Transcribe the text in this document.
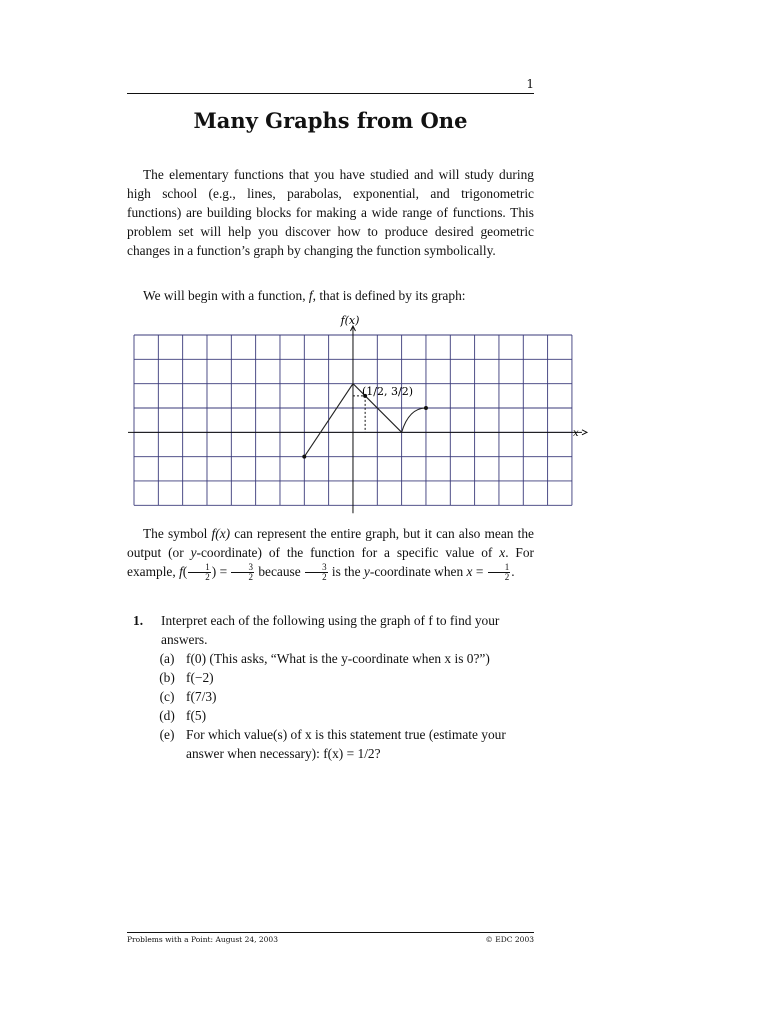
1
Many Graphs from One

The elementary functions that you have studied and will study during high school (e.g., lines, parabolas, exponential, and trigonometric functions) are building blocks for making a wide range of functions. This problem set will help you discover how to produce desired geometric changes in a function’s graph by changing the function symbolically.

We will begin with a function, f, that is defined by its graph:

f(x)
x
(1/2, 3/2)

The symbol f(x) can represent the entire graph, but it can also mean the output (or y-coordinate) of the function for a specific value of x. For example, $f( \frac{1}{2}$ ) = $\frac{3}{2}$ because $\frac{3}{2}$ is the y-coordinate when $x = \frac{1}{2}$ .

1. Interpret each of the following using the graph of f to find your answers.
(a) f(0) (This asks, “What is the y-coordinate when x is 0?”)
(b) f(−2)
(c) f(7/3)
(d) f(5)
(e) For which value(s) of x is this statement true (estimate your answer when necessary): f(x) = 1/2?
Problems with a Point: August 24, 2003	© EDC 2003
